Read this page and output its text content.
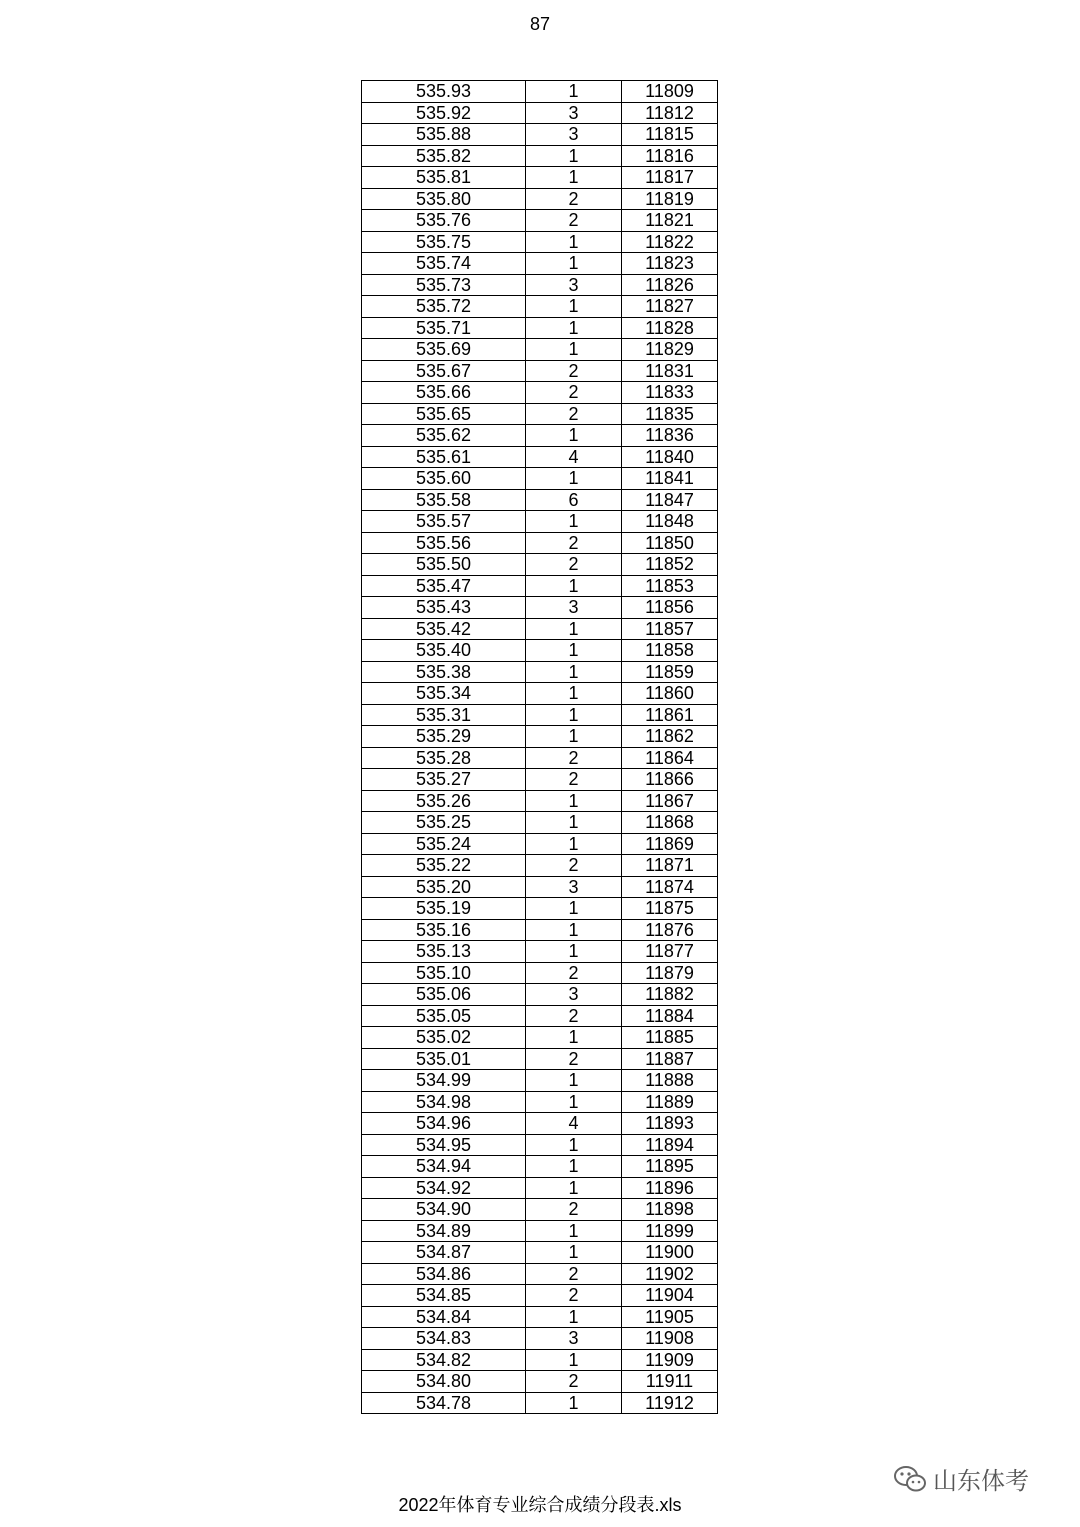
87
535.93	1	11809
535.92	3	11812
535.88	3	11815
535.82	1	11816
535.81	1	11817
535.80	2	11819
535.76	2	11821
535.75	1	11822
535.74	1	11823
535.73	3	11826
535.72	1	11827
535.71	1	11828
535.69	1	11829
535.67	2	11831
535.66	2	11833
535.65	2	11835
535.62	1	11836
535.61	4	11840
535.60	1	11841
535.58	6	11847
535.57	1	11848
535.56	2	11850
535.50	2	11852
535.47	1	11853
535.43	3	11856
535.42	1	11857
535.40	1	11858
535.38	1	11859
535.34	1	11860
535.31	1	11861
535.29	1	11862
535.28	2	11864
535.27	2	11866
535.26	1	11867
535.25	1	11868
535.24	1	11869
535.22	2	11871
535.20	3	11874
535.19	1	11875
535.16	1	11876
535.13	1	11877
535.10	2	11879
535.06	3	11882
535.05	2	11884
535.02	1	11885
535.01	2	11887
534.99	1	11888
534.98	1	11889
534.96	4	11893
534.95	1	11894
534.94	1	11895
534.92	1	11896
534.90	2	11898
534.89	1	11899
534.87	1	11900
534.86	2	11902
534.85	2	11904
534.84	1	11905
534.83	3	11908
534.82	1	11909
534.80	2	11911
534.78	1	11912
山东体考
2022年体育专业综合成绩分段表.xls
